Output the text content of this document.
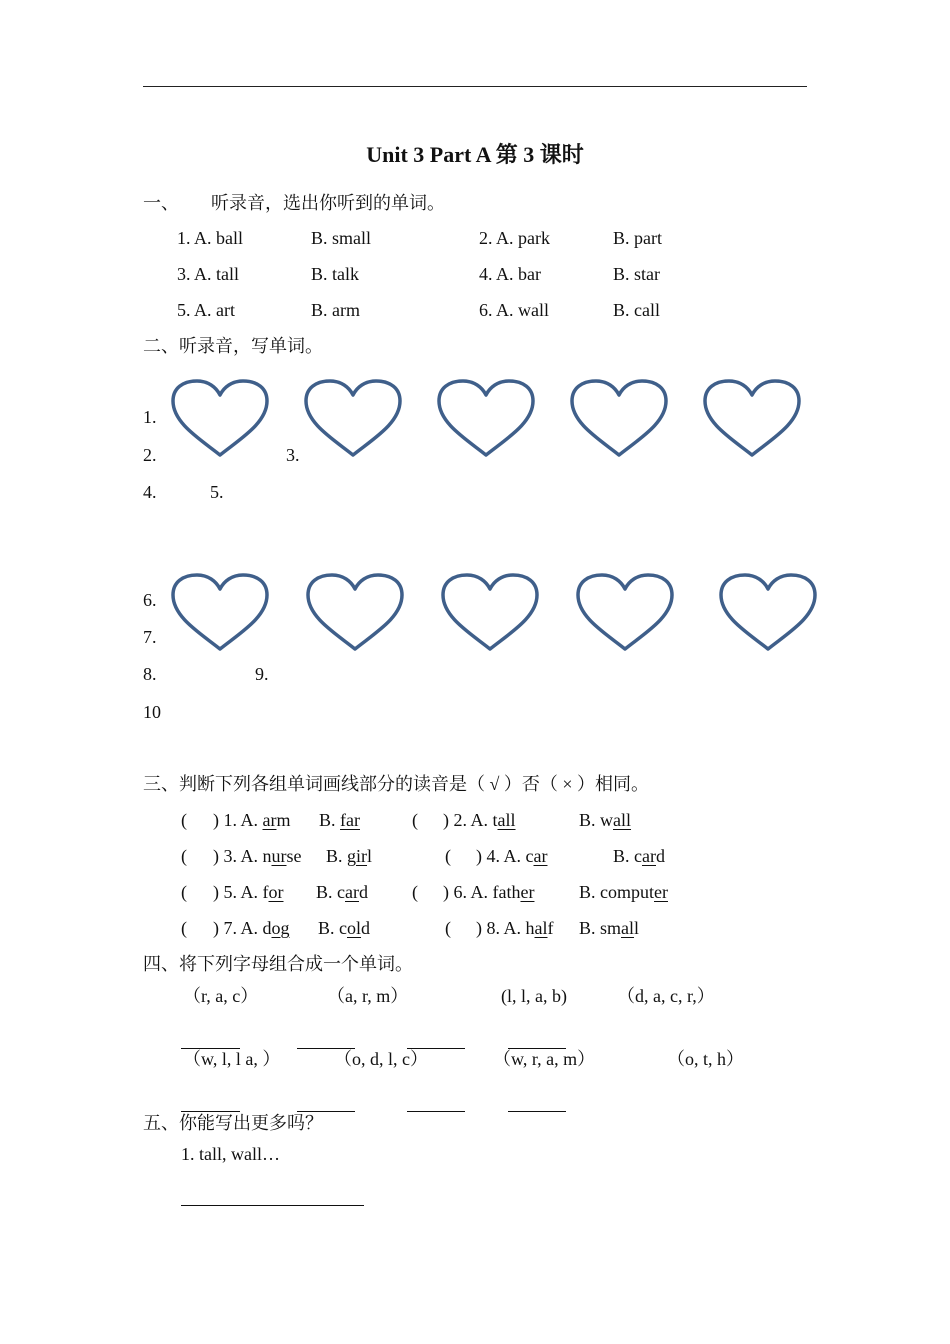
Unit 3 Part A 第 3 课时
一、 听录音，选出你听到的单词。
1. A. ball	B. small	2. A. park	B. part
3. A. tall	B. talk	4. A. bar	B. star
5. A. art	B. arm	6. A. wall	B. call
二、听录音，写单词。
1.
2.	3.
4.	5.
6.
7.
8.	9.
10
三、判断下列各组单词画线部分的读音是（ √ ）否（ × ）相同。
( ) 1. A. arm B. far	( ) 2. A. tall	B. wall
( ) 3. A. nurse B. girl	( ) 4. A. car	B. card
( ) 5. A. for B. card ( ) 6. A. father B. computer
( ) 7. A. dog B. cold	( ) 8. A. half B. small
四、将下列字母组合成一个单词。
（r, a, c）	（a, r, m）	(l, l, a, b)	（d, a, c, r,）
（w, l, l a, ）	（o, d, l, c）	（w, r, a, m）	（o, t, h）
五、你能写出更多吗？
1. tall, wall…
